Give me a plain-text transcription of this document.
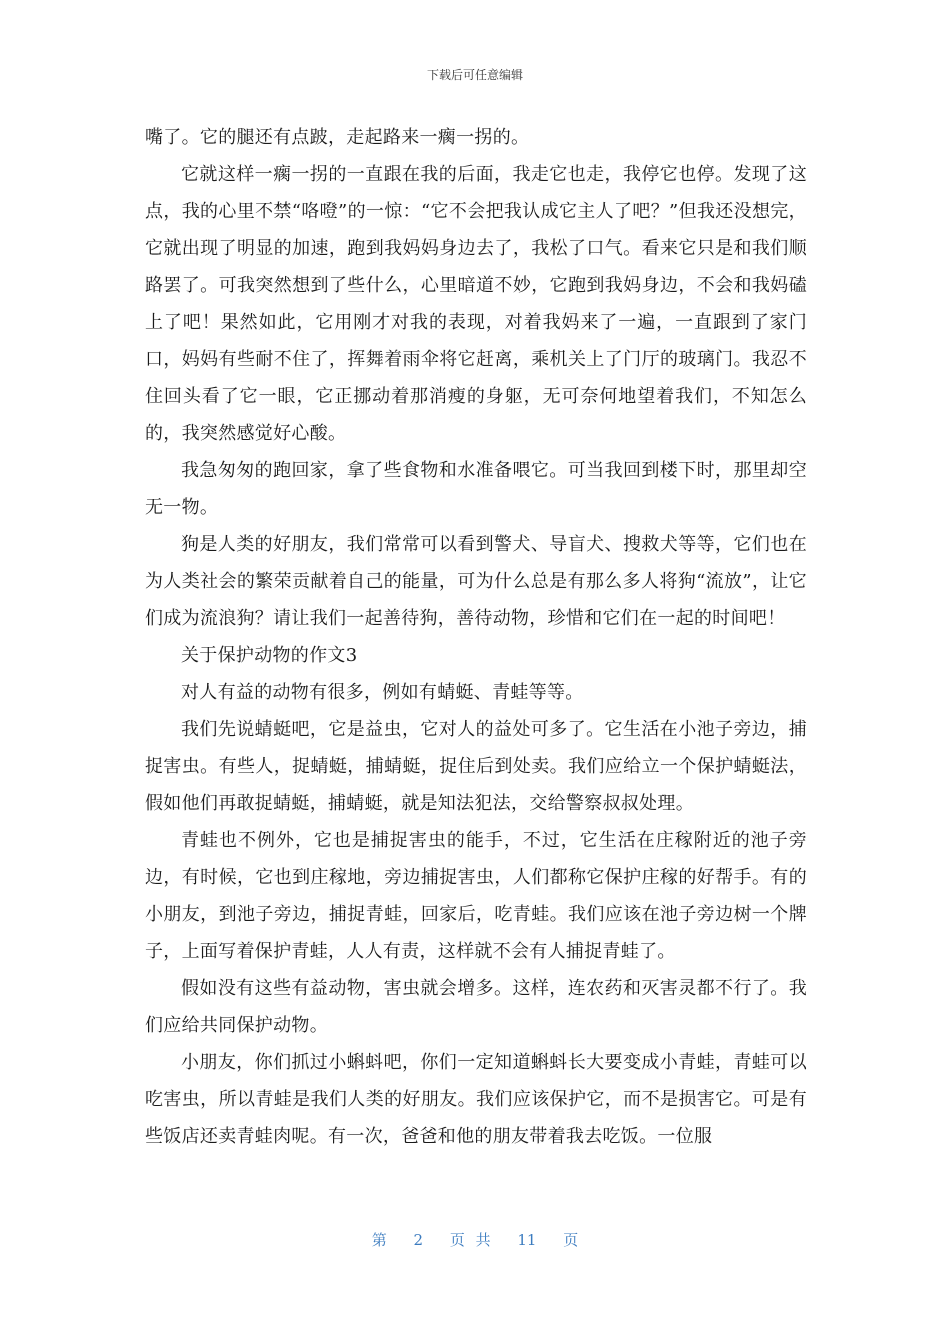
下载后可任意编辑

嘴了。它的腿还有点跛，走起路来一瘸一拐的。

它就这样一瘸一拐的一直跟在我的后面，我走它也走，我停它也停。发现了这点，我的心里不禁“咯噔”的一惊：“它不会把我认成它主人了吧？”但我还没想完，它就出现了明显的加速，跑到我妈妈身边去了，我松了口气。看来它只是和我们顺路罢了。可我突然想到了些什么，心里暗道不妙，它跑到我妈身边，不会和我妈磕上了吧！果然如此，它用刚才对我的表现，对着我妈来了一遍，一直跟到了家门口，妈妈有些耐不住了，挥舞着雨伞将它赶离，乘机关上了门厅的玻璃门。我忍不住回头看了它一眼，它正挪动着那消瘦的身躯，无可奈何地望着我们，不知怎么的，我突然感觉好心酸。

我急匆匆的跑回家，拿了些食物和水准备喂它。可当我回到楼下时，那里却空无一物。

狗是人类的好朋友，我们常常可以看到警犬、导盲犬、搜救犬等等，它们也在为人类社会的繁荣贡献着自己的能量，可为什么总是有那么多人将狗“流放”，让它们成为流浪狗？请让我们一起善待狗，善待动物，珍惜和它们在一起的时间吧！

关于保护动物的作文3

对人有益的动物有很多，例如有蜻蜓、青蛙等等。

我们先说蜻蜓吧，它是益虫，它对人的益处可多了。它生活在小池子旁边，捕捉害虫。有些人，捉蜻蜓，捕蜻蜓，捉住后到处卖。我们应给立一个保护蜻蜓法，假如他们再敢捉蜻蜓，捕蜻蜓，就是知法犯法，交给警察叔叔处理。

青蛙也不例外，它也是捕捉害虫的能手，不过，它生活在庄稼附近的池子旁边，有时候，它也到庄稼地，旁边捕捉害虫，人们都称它保护庄稼的好帮手。有的小朋友，到池子旁边，捕捉青蛙，回家后，吃青蛙。我们应该在池子旁边树一个牌子，上面写着保护青蛙，人人有责，这样就不会有人捕捉青蛙了。

假如没有这些有益动物，害虫就会增多。这样，连农药和灭害灵都不行了。我们应给共同保护动物。

小朋友，你们抓过小蝌蚪吧，你们一定知道蝌蚪长大要变成小青蛙，青蛙可以吃害虫，所以青蛙是我们人类的好朋友。我们应该保护它，而不是损害它。可是有些饭店还卖青蛙肉呢。有一次，爸爸和他的朋友带着我去吃饭。一位服

第 2 页 共 11 页
